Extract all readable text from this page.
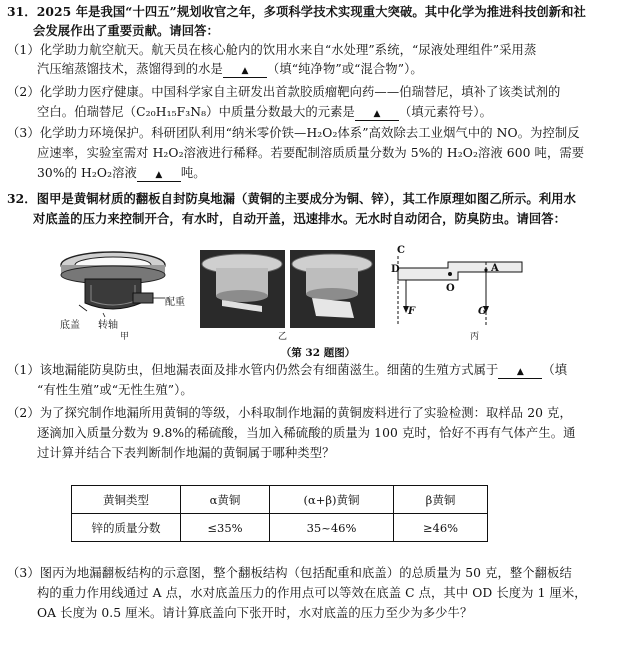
31．2025 年是我国“十四五”规划收官之年，多项科学技术实现重大突破。其中化学为推进科技创新和社
会发展作出了重要贡献。请回答：
（1）化学助力航空航天。航天员在核心舱内的饮用水来自“水处理”系统，“尿液处理组件”采用蒸
汽压缩蒸馏技术，蒸馏得到的水是 ▲ （填“纯净物”或“混合物”）。
（2）化学助力医疗健康。中国科学家自主研发出首款胶质瘤靶向药——伯瑞替尼，填补了该类试剂的
空白。伯瑞替尼（C₂₀H₁₅F₃N₈）中质量分数最大的元素是 ▲ （填元素符号）。
（3）化学助力环境保护。科研团队利用“纳米零价铁—H₂O₂体系”高效除去工业烟气中的 NO。为控制反
应速率，实验室需对 H₂O₂溶液进行稀释。若要配制溶质质量分数为 5%的 H₂O₂溶液 600 吨，需要
30%的 H₂O₂溶液 ▲ 吨。
32．图甲是黄铜材质的翻板自封防臭地漏（黄铜的主要成分为铜、锌），其工作原理如图乙所示。利用水
对底盖的压力来控制开合，有水时，自动开盖，迅速排水。无水时自动闭合，防臭防虫。请回答：
配重
底盖 转轴
甲	乙
C
D
O
A
F	G
丙
（第 32 题图）
（1）该地漏能防臭防虫，但地漏表面及排水管内仍然会有细菌滋生。细菌的生殖方式属于 ▲ （填
“有性生殖”或“无性生殖”）。
（2）为了探究制作地漏所用黄铜的等级，小科取制作地漏的黄铜废料进行了实验检测：取样品 20 克，
逐滴加入质量分数为 9.8%的稀硫酸，当加入稀硫酸的质量为 100 克时，恰好不再有气体产生。通
过计算并结合下表判断制作地漏的黄铜属于哪种类型？
黄铜类型	α黄铜	(α+β)黄铜	β黄铜
锌的质量分数	≤35%	35~46%	≥46%
（3）图丙为地漏翻板结构的示意图，整个翻板结构（包括配重和底盖）的总质量为 50 克，整个翻板结
构的重力作用线通过 A 点，水对底盖压力的作用点可以等效在底盖 C 点，其中 OD 长度为 1 厘米，
OA 长度为 0.5 厘米。请计算底盖向下张开时，水对底盖的压力至少为多少牛？
